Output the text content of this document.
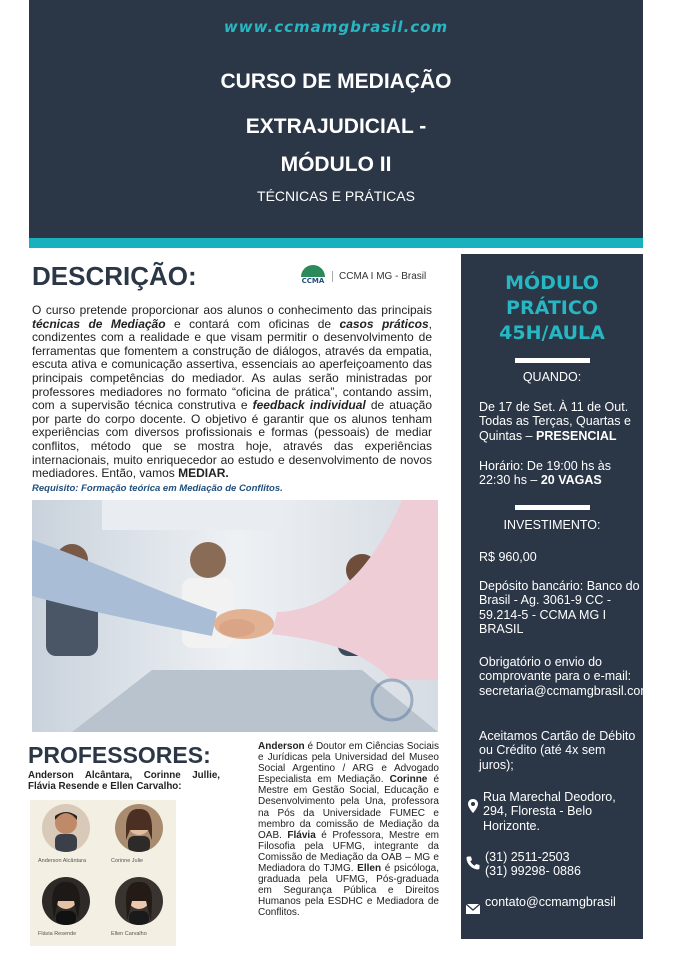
www.ccmamgbrasil.com
CURSO DE MEDIAÇÃO
EXTRAJUDICIAL -
MÓDULO II
TÉCNICAS E PRÁTICAS
DESCRIÇÃO:	CCMA	CCMA I MG - Brasil
O curso pretende proporcionar aos alunos o conhecimento das principais técnicas de Mediação e contará com oficinas de casos práticos, condizentes com a realidade e que visam permitir o desenvolvimento de ferramentas que fomentem a construção de diálogos, através da empatia, escuta ativa e comunicação assertiva, essenciais ao aperfeiçoamento das principais competências do mediador. As aulas serão ministradas por professores mediadores no formato “oficina de prática”, contando assim, com a supervisão técnica construtiva e feedback individual de atuação por parte do corpo docente. O objetivo é garantir que os alunos tenham experiências com diversos profissionais e formas (pessoais) de mediar conflitos, método que se mostra hoje, através das experiências internacionais, muito enriquecedor ao estudo e desenvolvimento de novos mediadores. Então, vamos MEDIAR.
Requisito: Formação teórica em Mediação de Conflitos.
PROFESSORES:
Anderson Alcântara, Corinne Jullie, Flávia Resende e Ellen Carvalho:
Anderson Alcântara	Corinne Julie
Flávia Resende	Ellen Carvalho
Anderson é Doutor em Ciências Sociais e Jurídicas pela Universidad del Museo Social Argentino / ARG e Advogado Especialista em Mediação. Corinne é Mestre em Gestão Social, Educação e Desenvolvimento pela Una, professora na Pós da Universidade FUMEC e membro da comissão de Mediação da OAB. Flávia é Professora, Mestre em Filosofia pela UFMG, integrante da Comissão de Mediação da OAB – MG e Mediadora do TJMG. Ellen é psicóloga, graduada pela UFMG, Pós-graduada em Segurança Pública e Direitos Humanos pela ESDHC e Mediadora de Conflitos.
MÓDULO
PRÁTICO
45H/AULA
QUANDO:
De 17 de Set. À 11 de Out. Todas as Terças, Quartas e Quintas – PRESENCIAL
Horário: De 19:00 hs às 22:30 hs – 20 VAGAS
INVESTIMENTO:
R$ 960,00
Depósito bancário: Banco do Brasil - Ag. 3061-9 CC - 59.214-5 - CCMA MG I BRASIL
Obrigatório o envio do comprovante para o e-mail: secretaria@ccmamgbrasil.com.br
Aceitamos Cartão de Débito ou Crédito (até 4x sem juros);
Rua Marechal Deodoro, 294, Floresta - Belo Horizonte.
(31) 2511-2503
(31) 99298- 0886
contato@ccmamgbrasil
